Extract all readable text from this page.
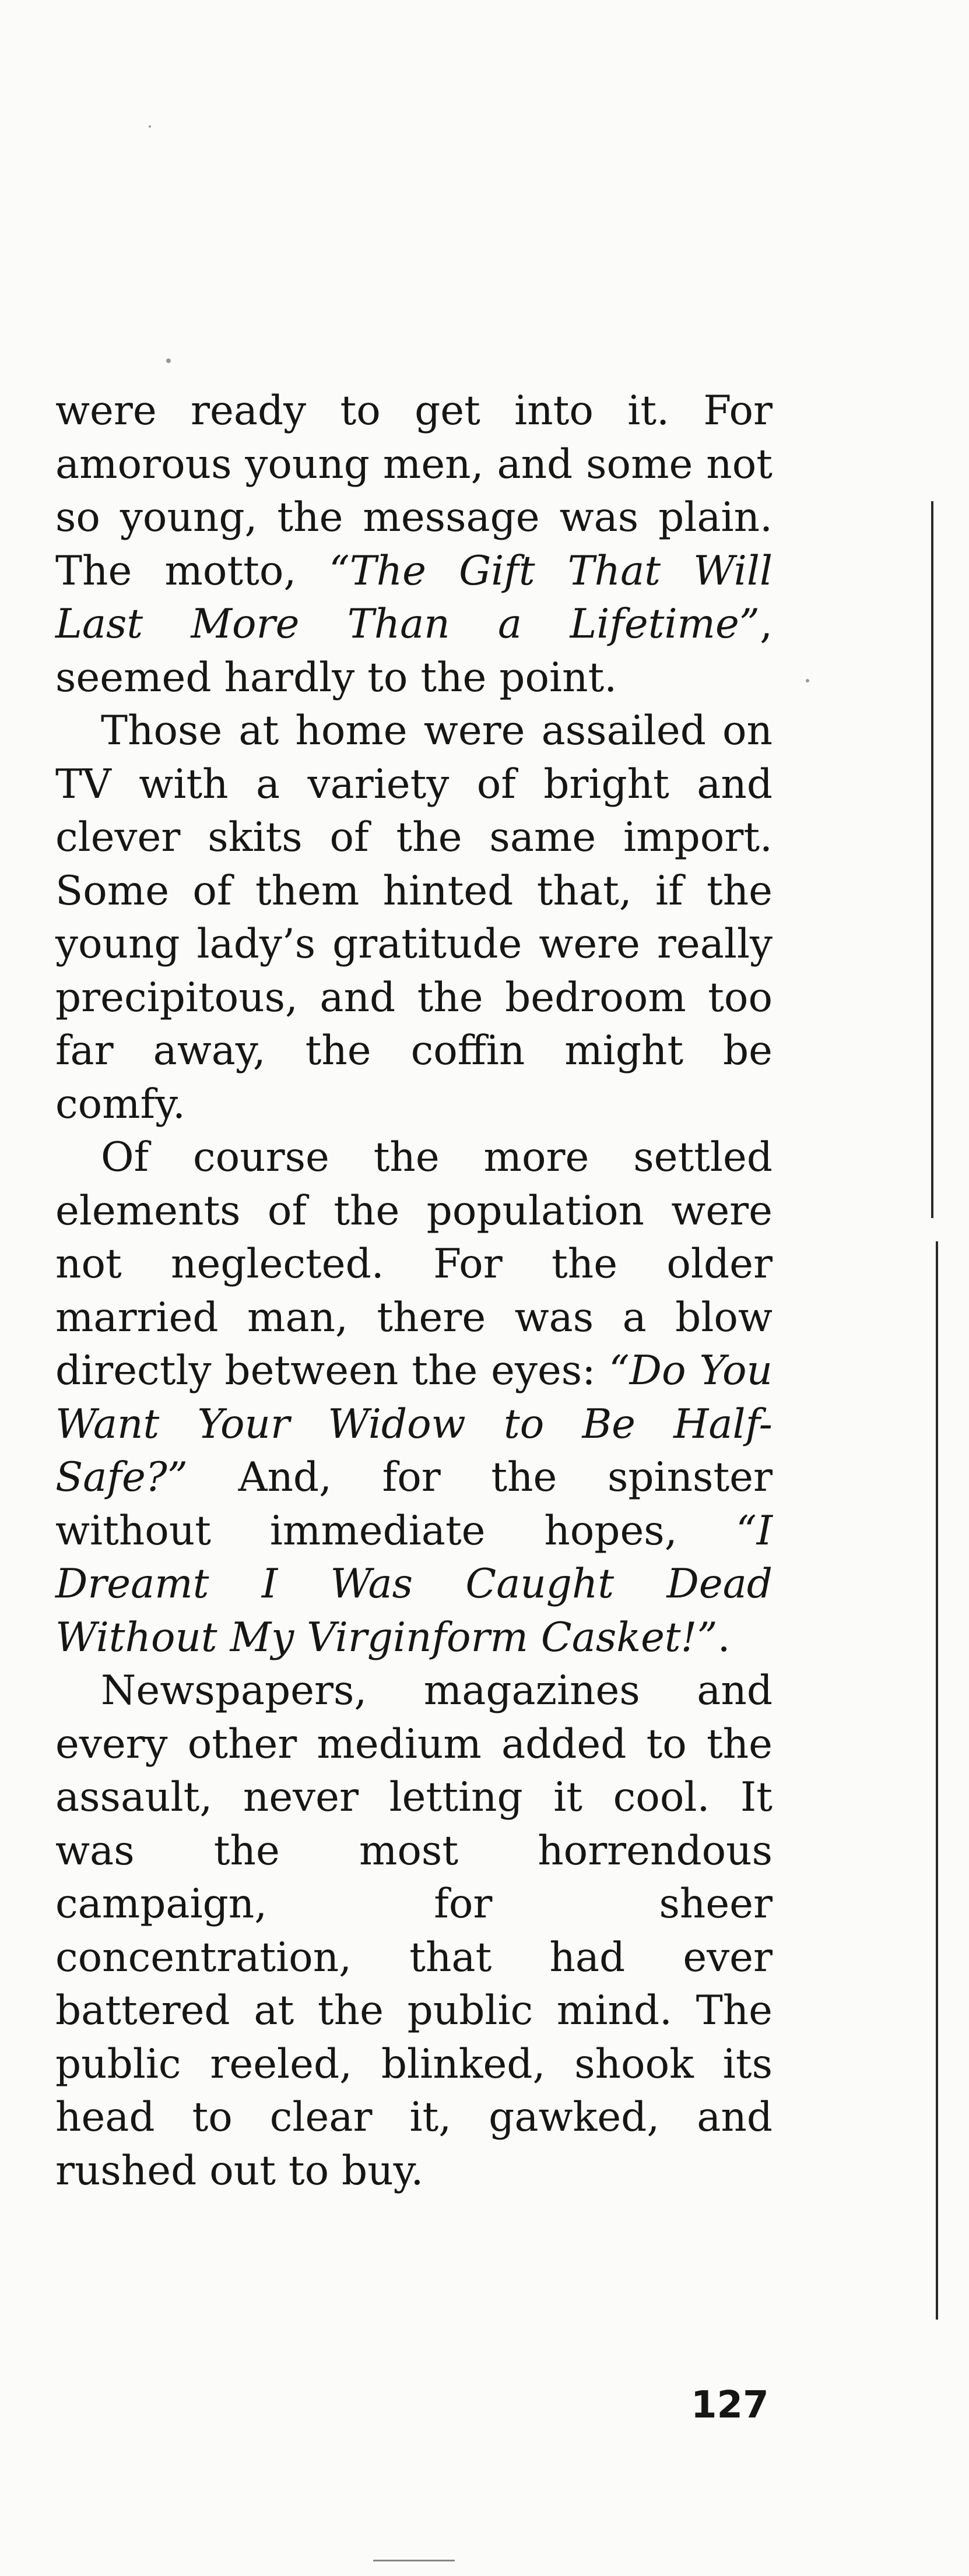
were ready to get into it. For amorous young men, and some not so young, the message was plain. The motto, “The Gift That Will Last More Than a Lifetime”, seemed hardly to the point.

Those at home were assailed on TV with a variety of bright and clever skits of the same import. Some of them hinted that, if the young lady’s gratitude were really precipitous, and the bedroom too far away, the coffin might be comfy.

Of course the more settled elements of the population were not neglected. For the older married man, there was a blow directly between the eyes: “Do You Want Your Widow to Be Half-Safe?” And, for the spinster without immediate hopes, “I Dreamt I Was Caught Dead Without My Virginform Casket!”.

Newspapers, magazines and every other medium added to the assault, never letting it cool. It was the most horrendous campaign, for sheer concentration, that had ever battered at the public mind. The public reeled, blinked, shook its head to clear it, gawked, and rushed out to buy.

127
